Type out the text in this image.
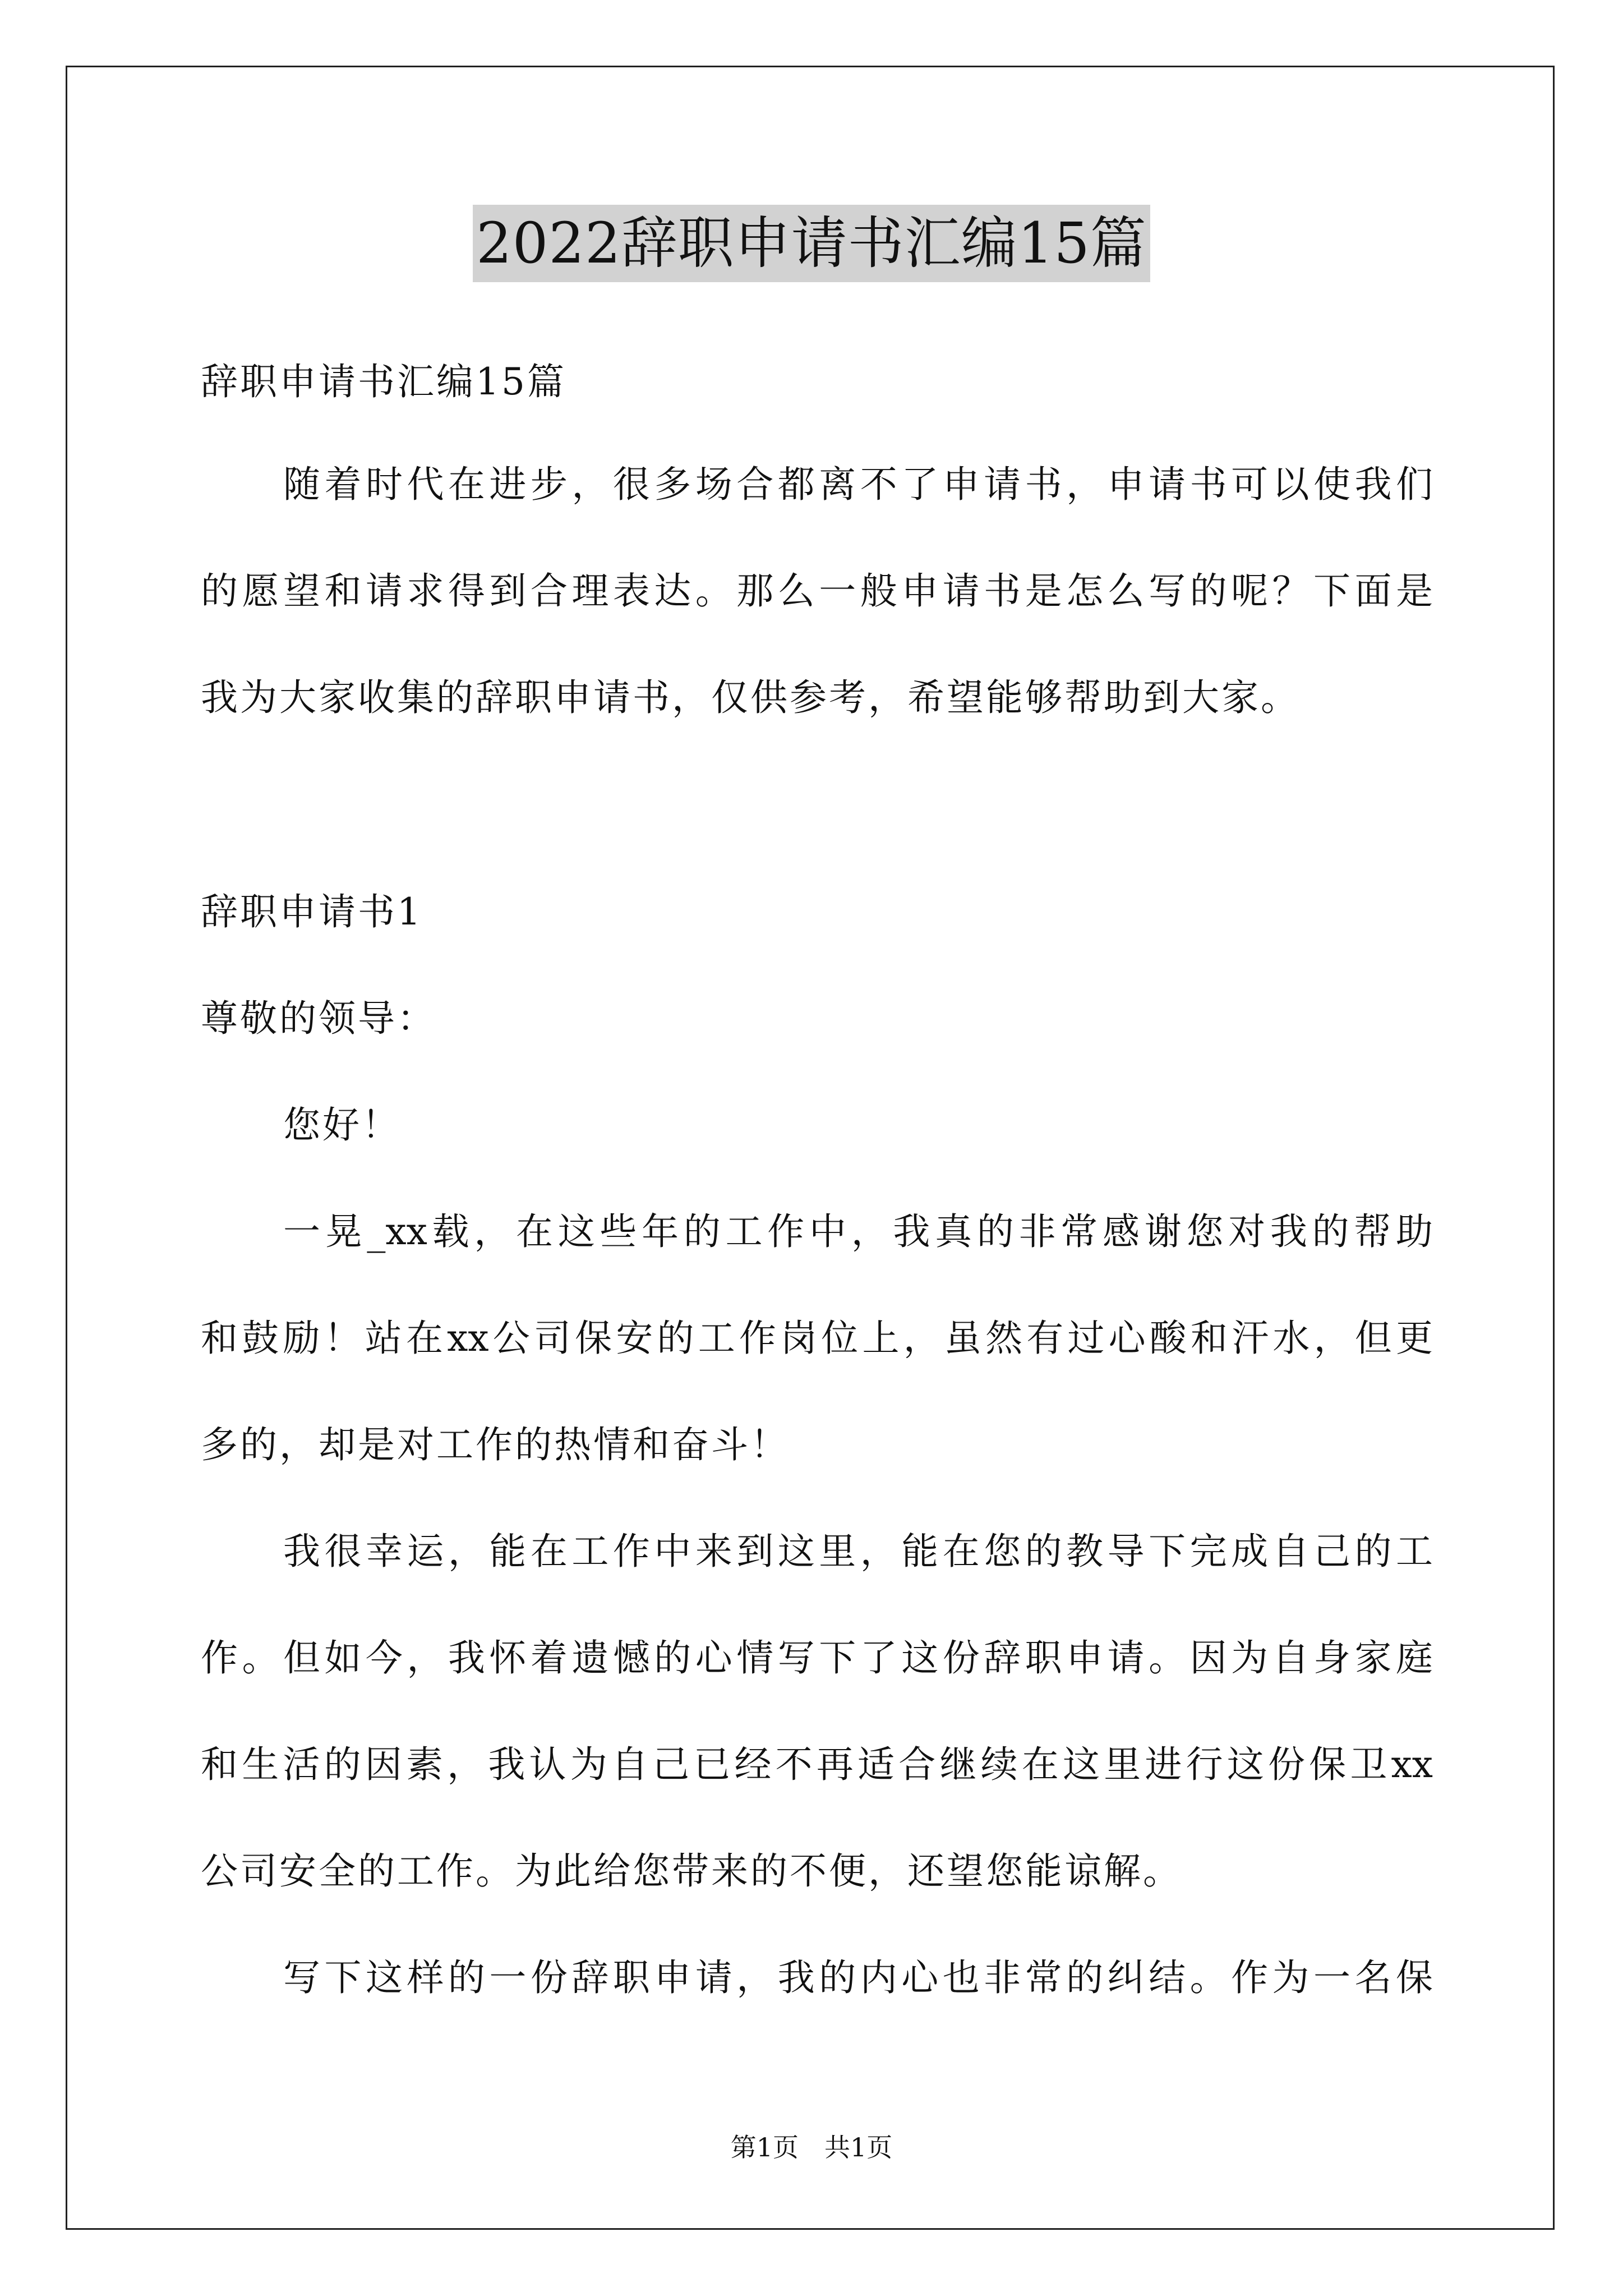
2022辞职申请书汇编15篇
辞职申请书汇编15篇
随着时代在进步，很多场合都离不了申请书，申请书可以使我们
的愿望和请求得到合理表达。那么一般申请书是怎么写的呢？下面是
我为大家收集的辞职申请书，仅供参考，希望能够帮助到大家。
辞职申请书1
尊敬的领导：
您好！
一晃_xx载，在这些年的工作中，我真的非常感谢您对我的帮助
和鼓励！站在xx公司保安的工作岗位上，虽然有过心酸和汗水，但更
多的，却是对工作的热情和奋斗！
我很幸运，能在工作中来到这里，能在您的教导下完成自己的工
作。但如今，我怀着遗憾的心情写下了这份辞职申请。因为自身家庭
和生活的因素，我认为自己已经不再适合继续在这里进行这份保卫xx
公司安全的工作。为此给您带来的不便，还望您能谅解。
写下这样的一份辞职申请，我的内心也非常的纠结。作为一名保
第1页 共1页
